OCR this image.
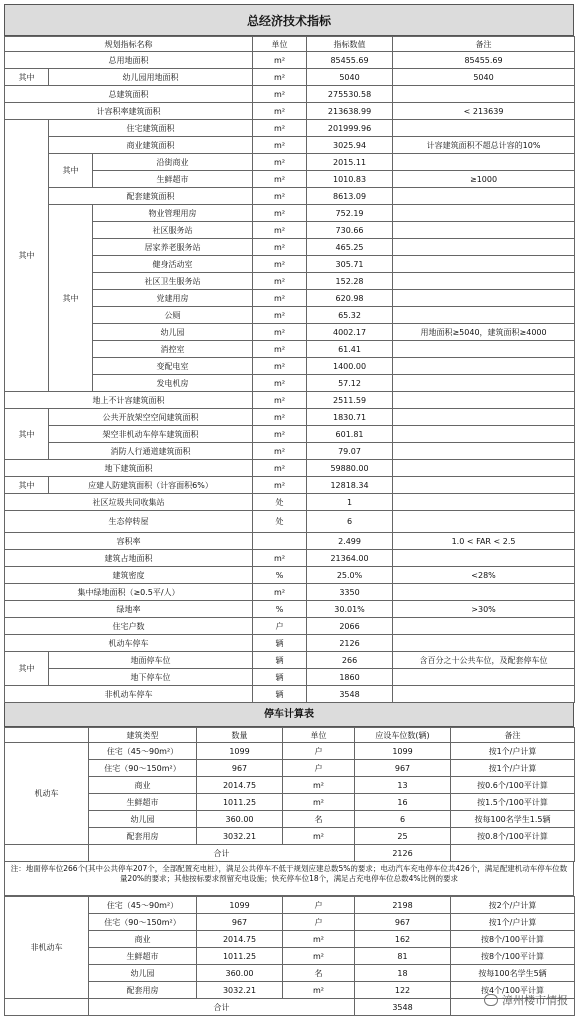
总经济技术指标
规划指标名称			单位	指标数值	备注
总用地面积			m²	85455.69	85455.69
其中	幼儿园用地面积		m²	5040	5040
总建筑面积			m²	275530.58	
计容积率建筑面积			m²	213638.99	< 213639
其中	住宅建筑面积		m²	201999.96	
	商业建筑面积		m²	3025.94	计容建筑面积不超总计容的10%
	其中	沿街商业	m²	2015.11	
		生鲜超市	m²	1010.83	≥1000
	配套建筑面积		m²	8613.09	
	其中	物业管理用房	m²	752.19	
		社区服务站	m²	730.66	
		居家养老服务站	m²	465.25	
		健身活动室	m²	305.71	
		社区卫生服务站	m²	152.28	
		党建用房	m²	620.98	
		公厕	m²	65.32	
		幼儿园	m²	4002.17	用地面积≥5040，建筑面积≥4000
		消控室	m²	61.41	
		变配电室	m²	1400.00	
		发电机房	m²	57.12	
地上不计容建筑面积			m²	2511.59	
其中	公共开放架空空间建筑面积		m²	1830.71	
	架空非机动车停车建筑面积		m²	601.81	
	消防人行通道建筑面积		m²	79.07	
地下建筑面积			m²	59880.00	
其中	应建人防建筑面积（计容面积6%）		m²	12818.34	
社区垃圾共同收集站			处	1	
生态停转屋			处	6	
容积率				2.499	1.0 < FAR < 2.5
建筑占地面积			m²	21364.00	
建筑密度			%	25.0%	<28%
集中绿地面积（≥0.5平/人）			m²	3350	
绿地率			%	30.01%	>30%
住宅户数			户	2066	
机动车停车			辆	2126	
其中	地面停车位		辆	266	含百分之十公共车位，及配套停车位
	地下停车位		辆	1860	
非机动车停车			辆	3548	
停车计算表
	建筑类型	数量	单位	应设车位数(辆)	备注
机动车	住宅（45～90m²）	1099	户	1099	按1个/户计算
	住宅（90～150m²）	967	户	967	按1个/户计算
	商业	2014.75	m²	13	按0.6个/100平计算
	生鲜超市	1011.25	m²	16	按1.5个/100平计算
	幼儿园	360.00	名	6	按每100名学生1.5辆
	配套用房	3032.21	m²	25	按0.8个/100平计算
	合计			2126	
注：地面停车位266个(其中公共停车207个，全部配置充电桩），满足公共停车不低于规划应建总数5%的要求；电动汽车充电停车位共426个，满足配建机动车停车位数量20%的要求；其他按标要求预留充电设施；快充停车位18个，满足占充电停车位总数4%比例的要求
非机动车	住宅（45～90m²）	1099	户	2198	按2个/户计算
	住宅（90～150m²）	967	户	967	按1个/户计算
	商业	2014.75	m²	162	按8个/100平计算
	生鲜超市	1011.25	m²	81	按8个/100平计算
	幼儿园	360.00	名	18	按每100名学生5辆
	配套用房	3032.21	m²	122	按4个/100平计算
	合计			3548		漳州楼市情报
